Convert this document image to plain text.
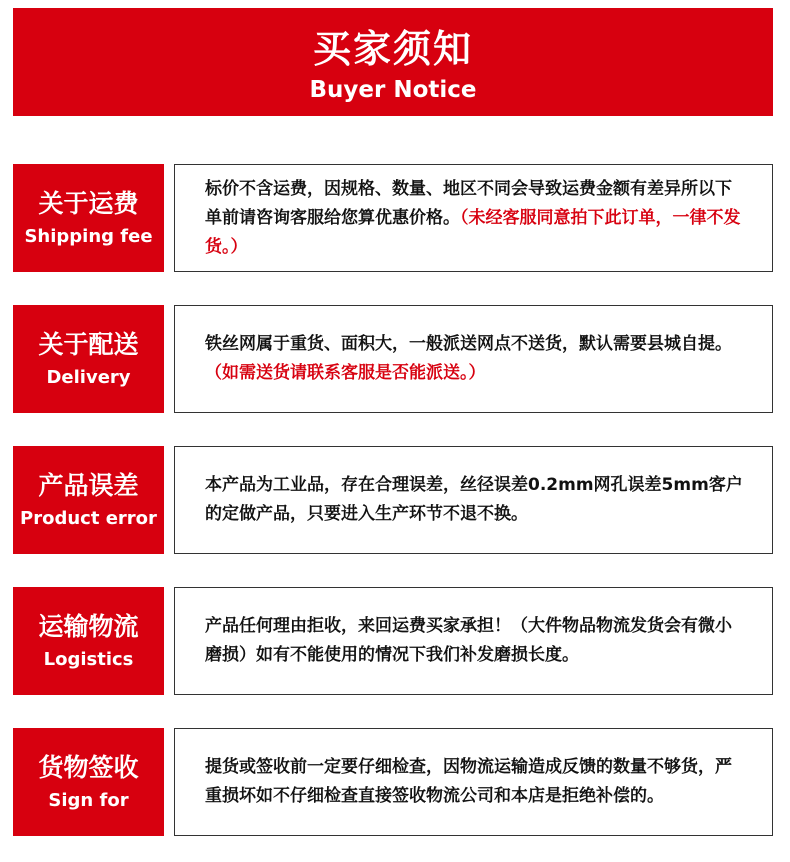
买家须知
Buyer Notice
关于运费
Shipping fee

标价不含运费，因规格、数量、地区不同会导致运费金额有差异所以下单前请咨询客服给您算优惠价格。（未经客服同意拍下此订单，一律不发货。）

关于配送
Delivery

铁丝网属于重货、面积大，一般派送网点不送货，默认需要县城自提。（如需送货请联系客服是否能派送。）

产品误差
Product error

本产品为工业品，存在合理误差，丝径误差0.2mm网孔误差5mm客户的定做产品，只要进入生产环节不退不换。

运输物流
Logistics

产品任何理由拒收，来回运费买家承担！（大件物品物流发货会有微小磨损）如有不能使用的情况下我们补发磨损长度。

货物签收
Sign for

提货或签收前一定要仔细检查，因物流运输造成反馈的数量不够货，严重损坏如不仔细检查直接签收物流公司和本店是拒绝补偿的。
